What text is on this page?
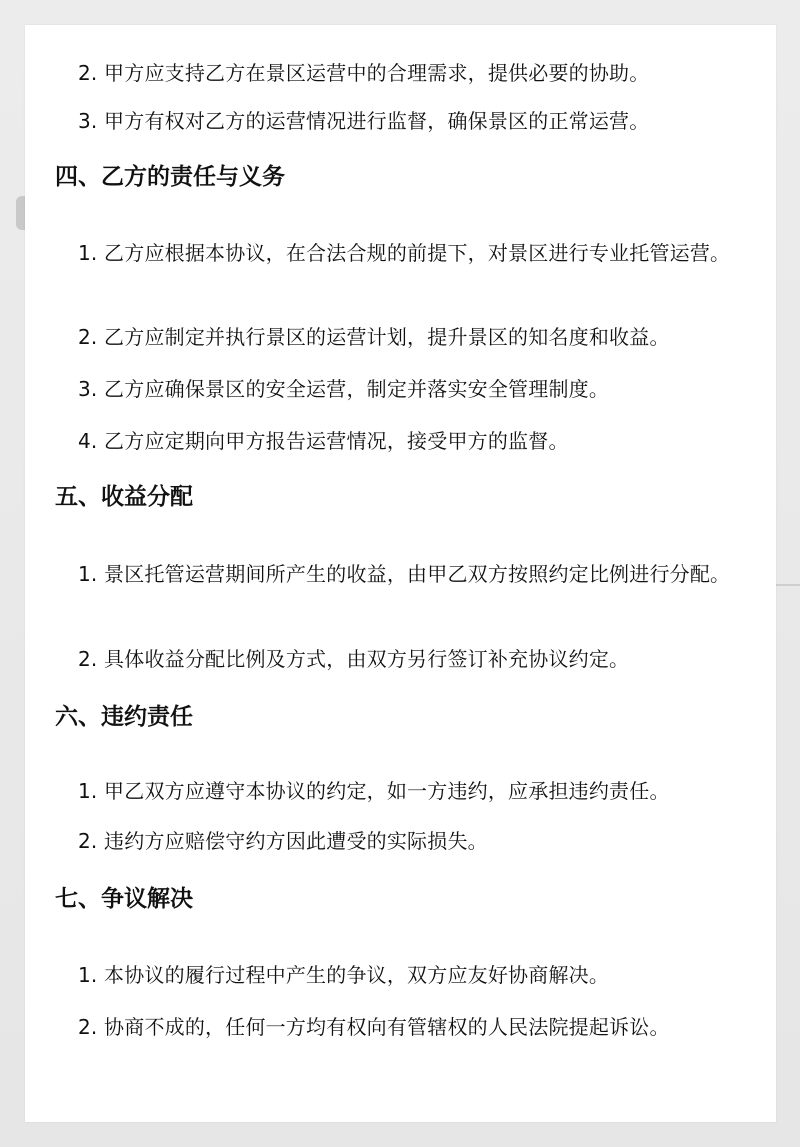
2. 甲方应支持乙方在景区运营中的合理需求，提供必要的协助。

3. 甲方有权对乙方的运营情况进行监督，确保景区的正常运营。

四、乙方的责任与义务

1. 乙方应根据本协议，在合法合规的前提下，对景区进行专业托管运营。

2. 乙方应制定并执行景区的运营计划，提升景区的知名度和收益。

3. 乙方应确保景区的安全运营，制定并落实安全管理制度。

4. 乙方应定期向甲方报告运营情况，接受甲方的监督。

五、收益分配

1. 景区托管运营期间所产生的收益，由甲乙双方按照约定比例进行分配。

2. 具体收益分配比例及方式，由双方另行签订补充协议约定。

六、违约责任

1. 甲乙双方应遵守本协议的约定，如一方违约，应承担违约责任。

2. 违约方应赔偿守约方因此遭受的实际损失。

七、争议解决

1. 本协议的履行过程中产生的争议，双方应友好协商解决。

2. 协商不成的，任何一方均有权向有管辖权的人民法院提起诉讼。
